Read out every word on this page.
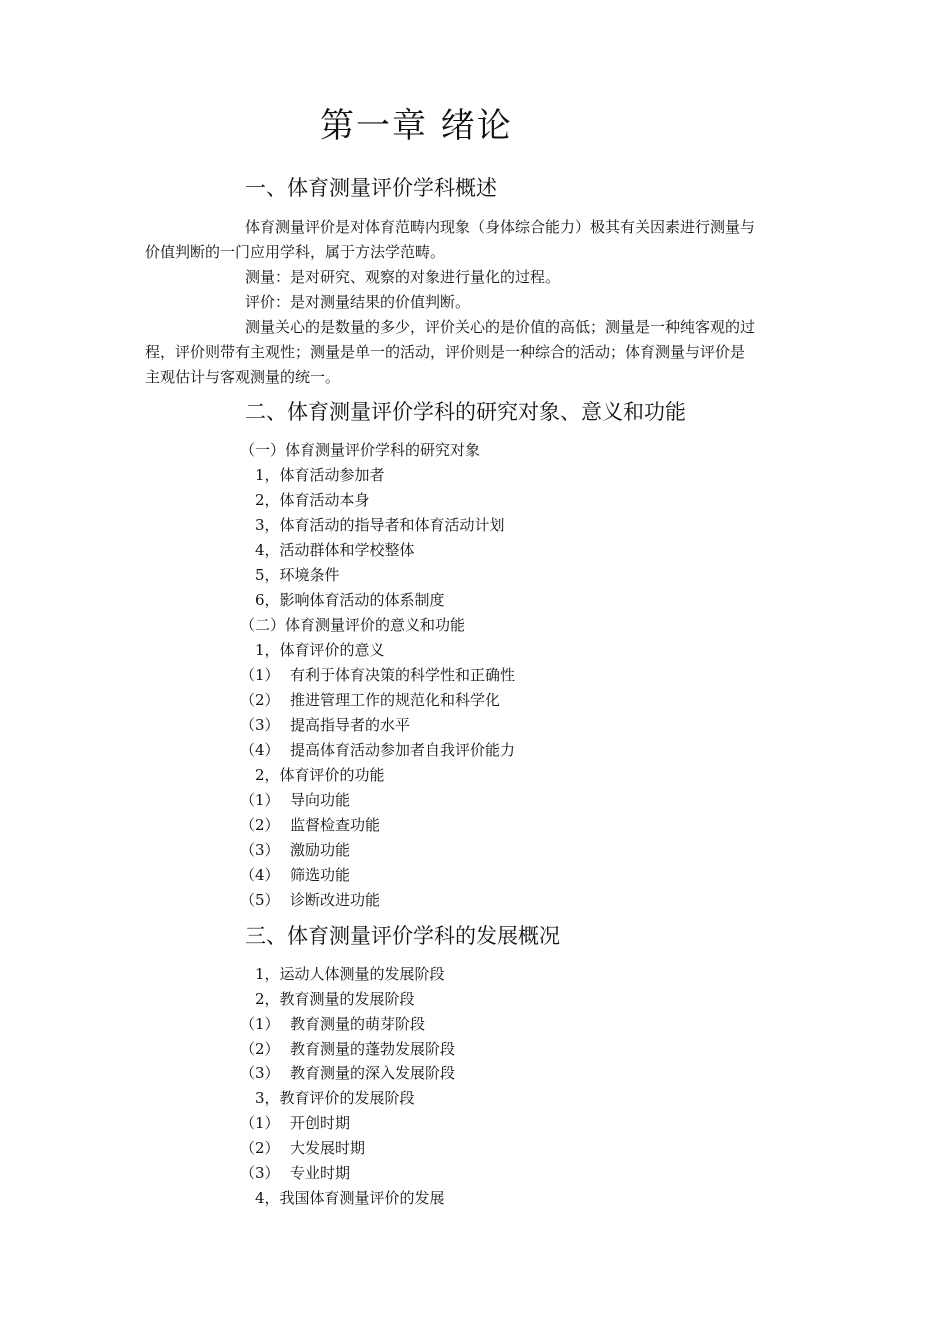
第一章 绪论
一、体育测量评价学科概述
体育测量评价是对体育范畴内现象（身体综合能力）极其有关因素进行测量与
价值判断的一门应用学科，属于方法学范畴。
测量：是对研究、观察的对象进行量化的过程。
评价：是对测量结果的价值判断。
测量关心的是数量的多少，评价关心的是价值的高低；测量是一种纯客观的过
程，评价则带有主观性；测量是单一的活动，评价则是一种综合的活动；体育测量与评价是
主观估计与客观测量的统一。
二、体育测量评价学科的研究对象、意义和功能
（一）体育测量评价学科的研究对象
1，体育活动参加者
2，体育活动本身
3，体育活动的指导者和体育活动计划
4，活动群体和学校整体
5，环境条件
6，影响体育活动的体系制度
（二）体育测量评价的意义和功能
1，体育评价的意义
（1） 有利于体育决策的科学性和正确性
（2） 推进管理工作的规范化和科学化
（3） 提高指导者的水平
（4） 提高体育活动参加者自我评价能力
2，体育评价的功能
（1） 导向功能
（2） 监督检查功能
（3） 激励功能
（4） 筛选功能
（5） 诊断改进功能
三、体育测量评价学科的发展概况
1，运动人体测量的发展阶段
2，教育测量的发展阶段
（1） 教育测量的萌芽阶段
（2） 教育测量的蓬勃发展阶段
（3） 教育测量的深入发展阶段
3，教育评价的发展阶段
（1） 开创时期
（2） 大发展时期
（3） 专业时期
4，我国体育测量评价的发展
